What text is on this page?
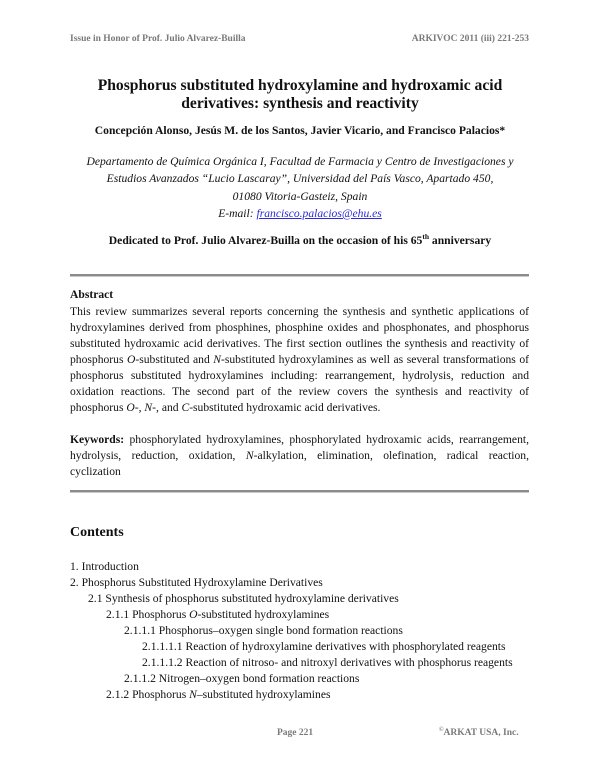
Issue in Honor of Prof. Julio Alvarez-Builla	ARKIVOC 2011 (iii) 221-253
Phosphorus substituted hydroxylamine and hydroxamic acid
derivatives: synthesis and reactivity
Concepción Alonso, Jesús M. de los Santos, Javier Vicario, and Francisco Palacios*
Departamento de Química Orgánica I, Facultad de Farmacia y Centro de Investigaciones y
Estudios Avanzados “Lucio Lascaray”, Universidad del País Vasco, Apartado 450,
01080 Vitoria-Gasteiz, Spain
E-mail: francisco.palacios@ehu.es
Dedicated to Prof. Julio Alvarez-Builla on the occasion of his 65th anniversary
Abstract
This review summarizes several reports concerning the synthesis and synthetic applications of hydroxylamines derived from phosphines, phosphine oxides and phosphonates, and phosphorus substituted hydroxamic acid derivatives. The first section outlines the synthesis and reactivity of phosphorus O-substituted and N-substituted hydroxylamines as well as several transformations of phosphorus substituted hydroxylamines including: rearrangement, hydrolysis, reduction and oxidation reactions. The second part of the review covers the synthesis and reactivity of phosphorus O-, N-, and C-substituted hydroxamic acid derivatives.
Keywords: phosphorylated hydroxylamines, phosphorylated hydroxamic acids, rearrangement, hydrolysis, reduction, oxidation, N-alkylation, elimination, olefination, radical reaction, cyclization
Contents
1. Introduction
2. Phosphorus Substituted Hydroxylamine Derivatives
2.1 Synthesis of phosphorus substituted hydroxylamine derivatives
2.1.1 Phosphorus O-substituted hydroxylamines
2.1.1.1 Phosphorus–oxygen single bond formation reactions
2.1.1.1.1 Reaction of hydroxylamine derivatives with phosphorylated reagents
2.1.1.1.2 Reaction of nitroso- and nitroxyl derivatives with phosphorus reagents
2.1.1.2 Nitrogen–oxygen bond formation reactions
2.1.2 Phosphorus N–substituted hydroxylamines
Page 221	©ARKAT USA, Inc.
